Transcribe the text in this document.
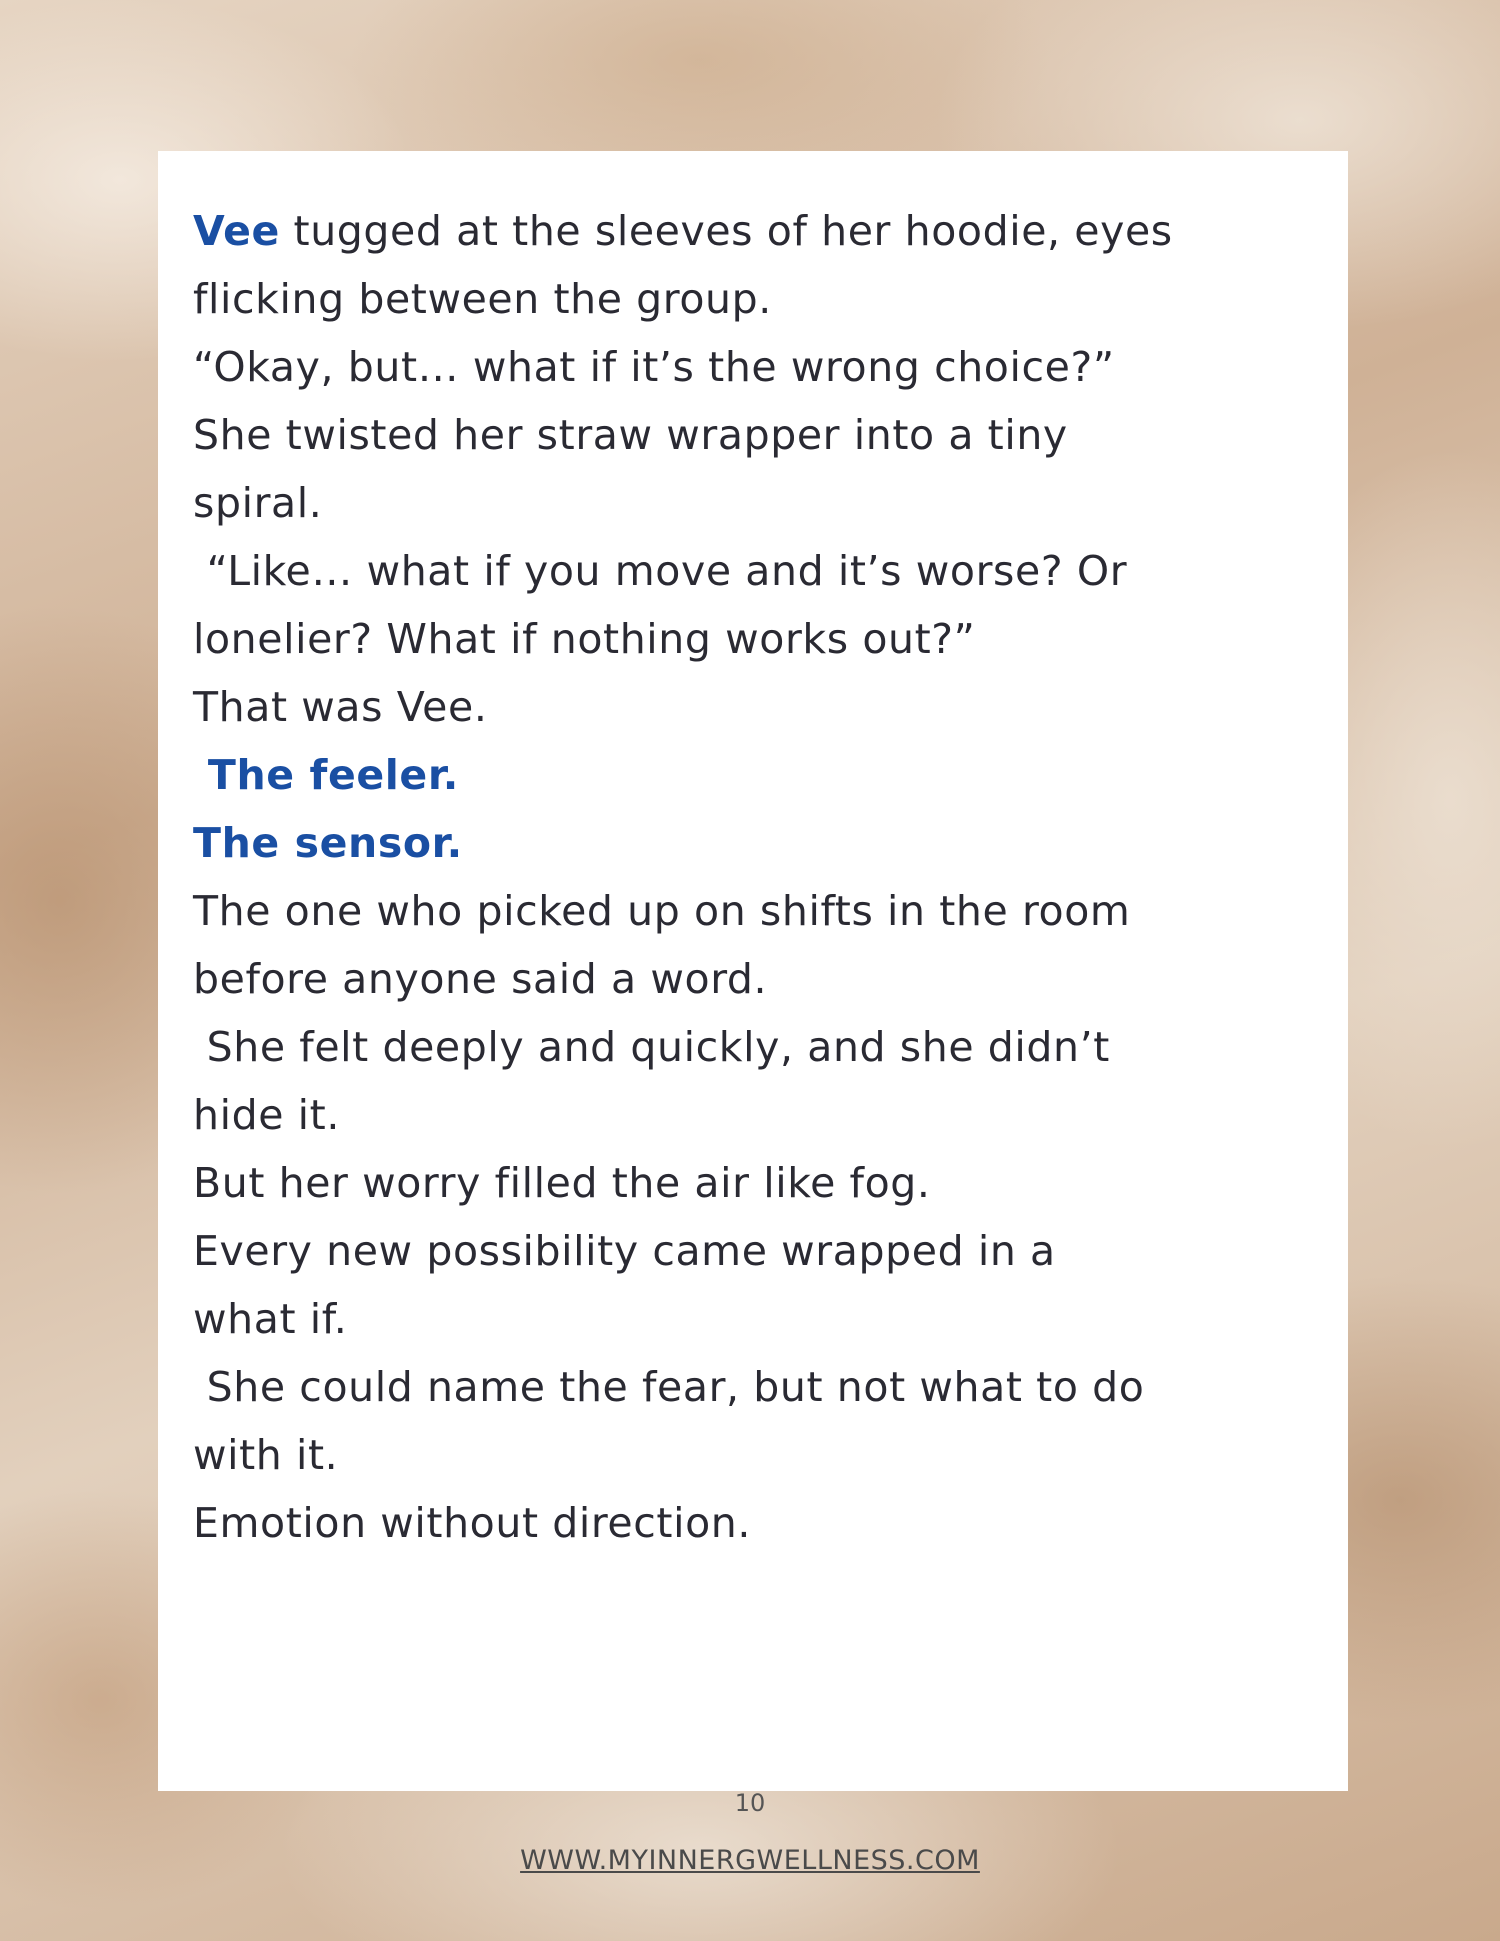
Vee tugged at the sleeves of her hoodie, eyes
flicking between the group.
“Okay, but… what if it’s the wrong choice?”
She twisted her straw wrapper into a tiny
spiral.
“Like… what if you move and it’s worse? Or
lonelier? What if nothing works out?”
That was Vee.
The feeler.
The sensor.
The one who picked up on shifts in the room
before anyone said a word.
She felt deeply and quickly, and she didn’t
hide it.
But her worry filled the air like fog.
Every new possibility came wrapped in a
what if.
She could name the fear, but not what to do
with it.
Emotion without direction.
10
WWW.MYINNERGWELLNESS.COM
